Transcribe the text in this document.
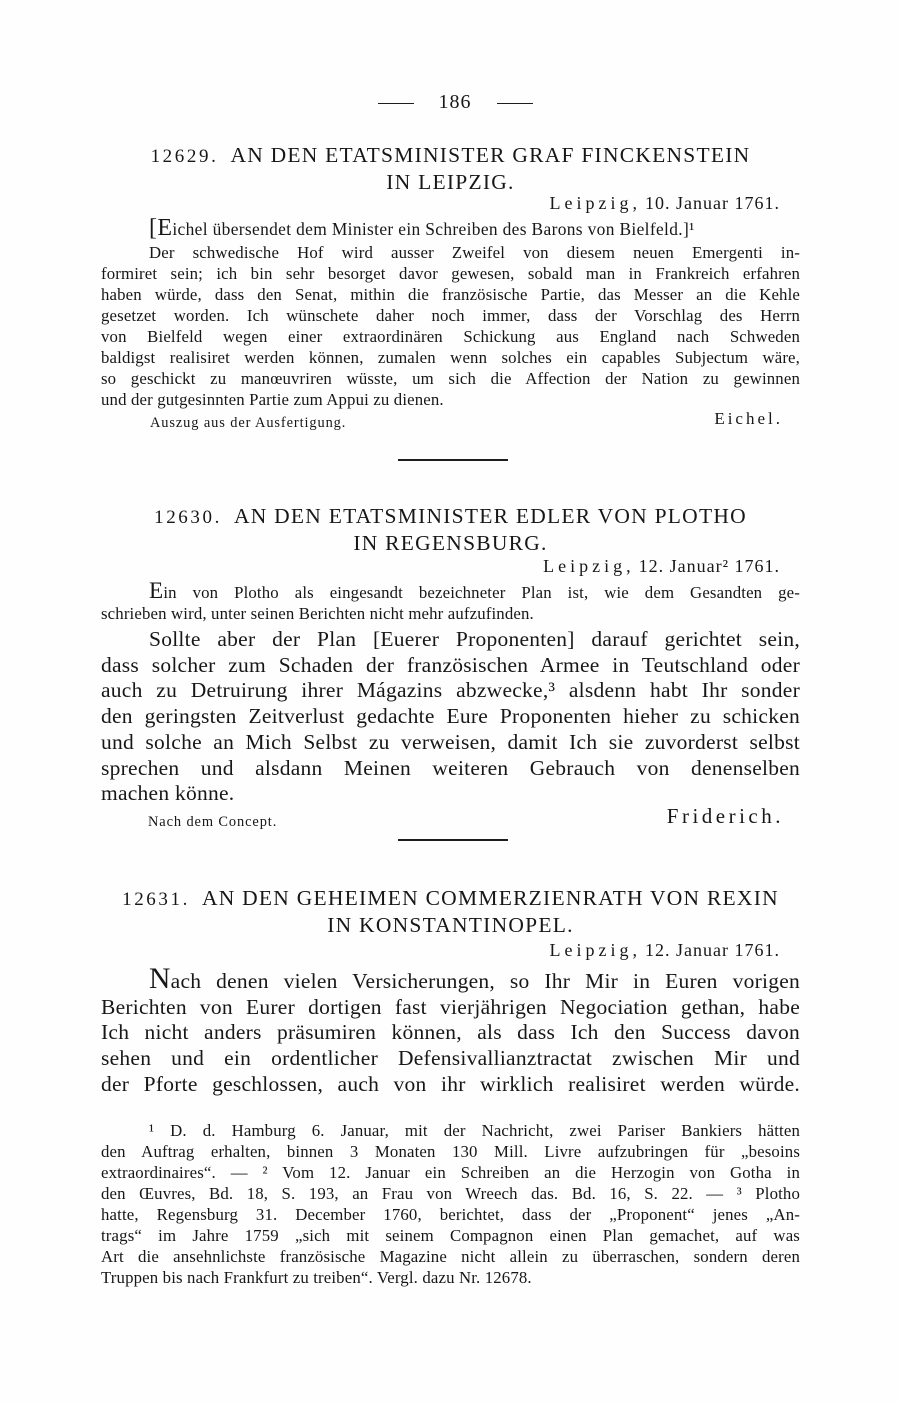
186
12629. AN DEN ETATSMINISTER GRAF FINCKENSTEIN
IN LEIPZIG.
Leipzig, 10. Januar 1761.
[Eichel übersendet dem Minister ein Schreiben des Barons von Bielfeld.]¹
Der schwedische Hof wird ausser Zweifel von diesem neuen Emergenti in-
formiret sein; ich bin sehr besorget davor gewesen, sobald man in Frankreich erfahren
haben würde, dass den Senat, mithin die französische Partie, das Messer an die Kehle
gesetzet worden. Ich wünschete daher noch immer, dass der Vorschlag des Herrn
von Bielfeld wegen einer extraordinären Schickung aus England nach Schweden
baldigst realisiret werden können, zumalen wenn solches ein capables Subjectum wäre,
so geschickt zu manœuvriren wüsste, um sich die Affection der Nation zu gewinnen
und der gutgesinnten Partie zum Appui zu dienen.
Auszug aus der Ausfertigung.	Eichel.
12630. AN DEN ETATSMINISTER EDLER VON PLOTHO
IN REGENSBURG.
Leipzig, 12. Januar² 1761.
Ein von Plotho als eingesandt bezeichneter Plan ist, wie dem Gesandten ge-
schrieben wird, unter seinen Berichten nicht mehr aufzufinden.
Sollte aber der Plan [Euerer Proponenten] darauf gerichtet sein,
dass solcher zum Schaden der französischen Armee in Teutschland oder
auch zu Detruirung ihrer Mágazins abzwecke,³ alsdenn habt Ihr sonder
den geringsten Zeitverlust gedachte Eure Proponenten hieher zu schicken
und solche an Mich Selbst zu verweisen, damit Ich sie zuvorderst selbst
sprechen und alsdann Meinen weiteren Gebrauch von denenselben
machen könne.
Nach dem Concept.	Friderich.
12631. AN DEN GEHEIMEN COMMERZIENRATH VON REXIN
IN KONSTANTINOPEL.
Leipzig, 12. Januar 1761.
Nach denen vielen Versicherungen, so Ihr Mir in Euren vorigen
Berichten von Eurer dortigen fast vierjährigen Negociation gethan, habe
Ich nicht anders präsumiren können, als dass Ich den Success davon
sehen und ein ordentlicher Defensivallianztractat zwischen Mir und
der Pforte geschlossen, auch von ihr wirklich realisiret werden würde.
¹ D. d. Hamburg 6. Januar, mit der Nachricht, zwei Pariser Bankiers hätten
den Auftrag erhalten, binnen 3 Monaten 130 Mill. Livre aufzubringen für „besoins
extraordinaires“. — ² Vom 12. Januar ein Schreiben an die Herzogin von Gotha in
den Œuvres, Bd. 18, S. 193, an Frau von Wreech das. Bd. 16, S. 22. — ³ Plotho
hatte, Regensburg 31. December 1760, berichtet, dass der „Proponent“ jenes „An-
trags“ im Jahre 1759 „sich mit seinem Compagnon einen Plan gemachet, auf was
Art die ansehnlichste französische Magazine nicht allein zu überraschen, sondern deren
Truppen bis nach Frankfurt zu treiben“. Vergl. dazu Nr. 12678.
